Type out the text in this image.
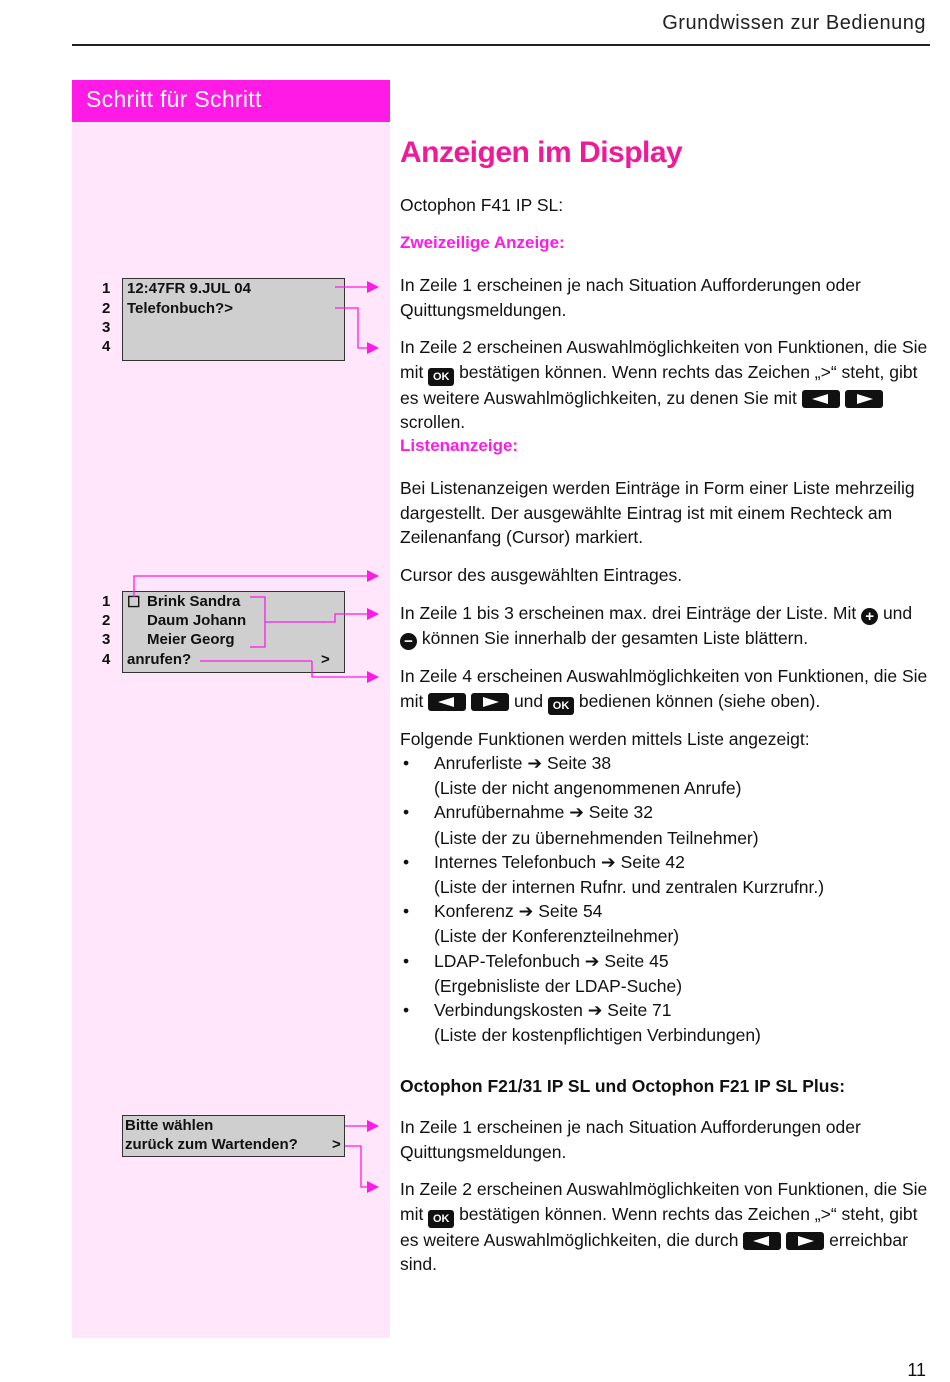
Grundwissen zur Bedienung
Schritt für Schritt
1
2
3
4
12:47FR 9.JUL 04
Telefonbuch?>
1
2
3
4
☐ Brink Sandra
Daum Johann
Meier Georg
anrufen?	>
Bitte wählen
zurück zum Wartenden? >
Anzeigen im Display
Octophon F41 IP SL:
Zweizeilige Anzeige:
In Zeile 1 erscheinen je nach Situation Aufforderungen oder Quittungsmeldungen.
In Zeile 2 erscheinen Auswahlmöglichkeiten von Funktionen, die Sie mit OK bestätigen können. Wenn rechts das Zeichen „>“ steht, gibt es weitere Auswahlmöglichkeiten, zu denen Sie mit   scrollen.
Listenanzeige:
Bei Listenanzeigen werden Einträge in Form einer Liste mehrzeilig dargestellt. Der ausgewählte Eintrag ist mit einem Rechteck am Zeilenanfang (Cursor) markiert.
Cursor des ausgewählten Eintrages.
In Zeile 1 bis 3 erscheinen max. drei Einträge der Liste. Mit + und − können Sie innerhalb der gesamten Liste blättern.
In Zeile 4 erscheinen Auswahlmöglichkeiten von Funktionen, die Sie mit	und OK bedienen können (siehe oben).
Folgende Funktionen werden mittels Liste angezeigt:
• Anruferliste ➔ Seite 38
(Liste der nicht angenommenen Anrufe)
• Anrufübernahme ➔ Seite 32
(Liste der zu übernehmenden Teilnehmer)
• Internes Telefonbuch ➔ Seite 42
(Liste der internen Rufnr. und zentralen Kurzrufnr.)
• Konferenz ➔ Seite 54
(Liste der Konferenzteilnehmer)
• LDAP-Telefonbuch ➔ Seite 45
(Ergebnisliste der LDAP-Suche)
• Verbindungskosten ➔ Seite 71
(Liste der kostenpflichtigen Verbindungen)
Octophon F21/31 IP SL und Octophon F21 IP SL Plus:
In Zeile 1 erscheinen je nach Situation Aufforderungen oder Quittungsmeldungen.
In Zeile 2 erscheinen Auswahlmöglichkeiten von Funktionen, die Sie mit OK bestätigen können. Wenn rechts das Zeichen „>“ steht, gibt es weitere Auswahlmöglichkeiten, die durch	erreichbar sind.
11
